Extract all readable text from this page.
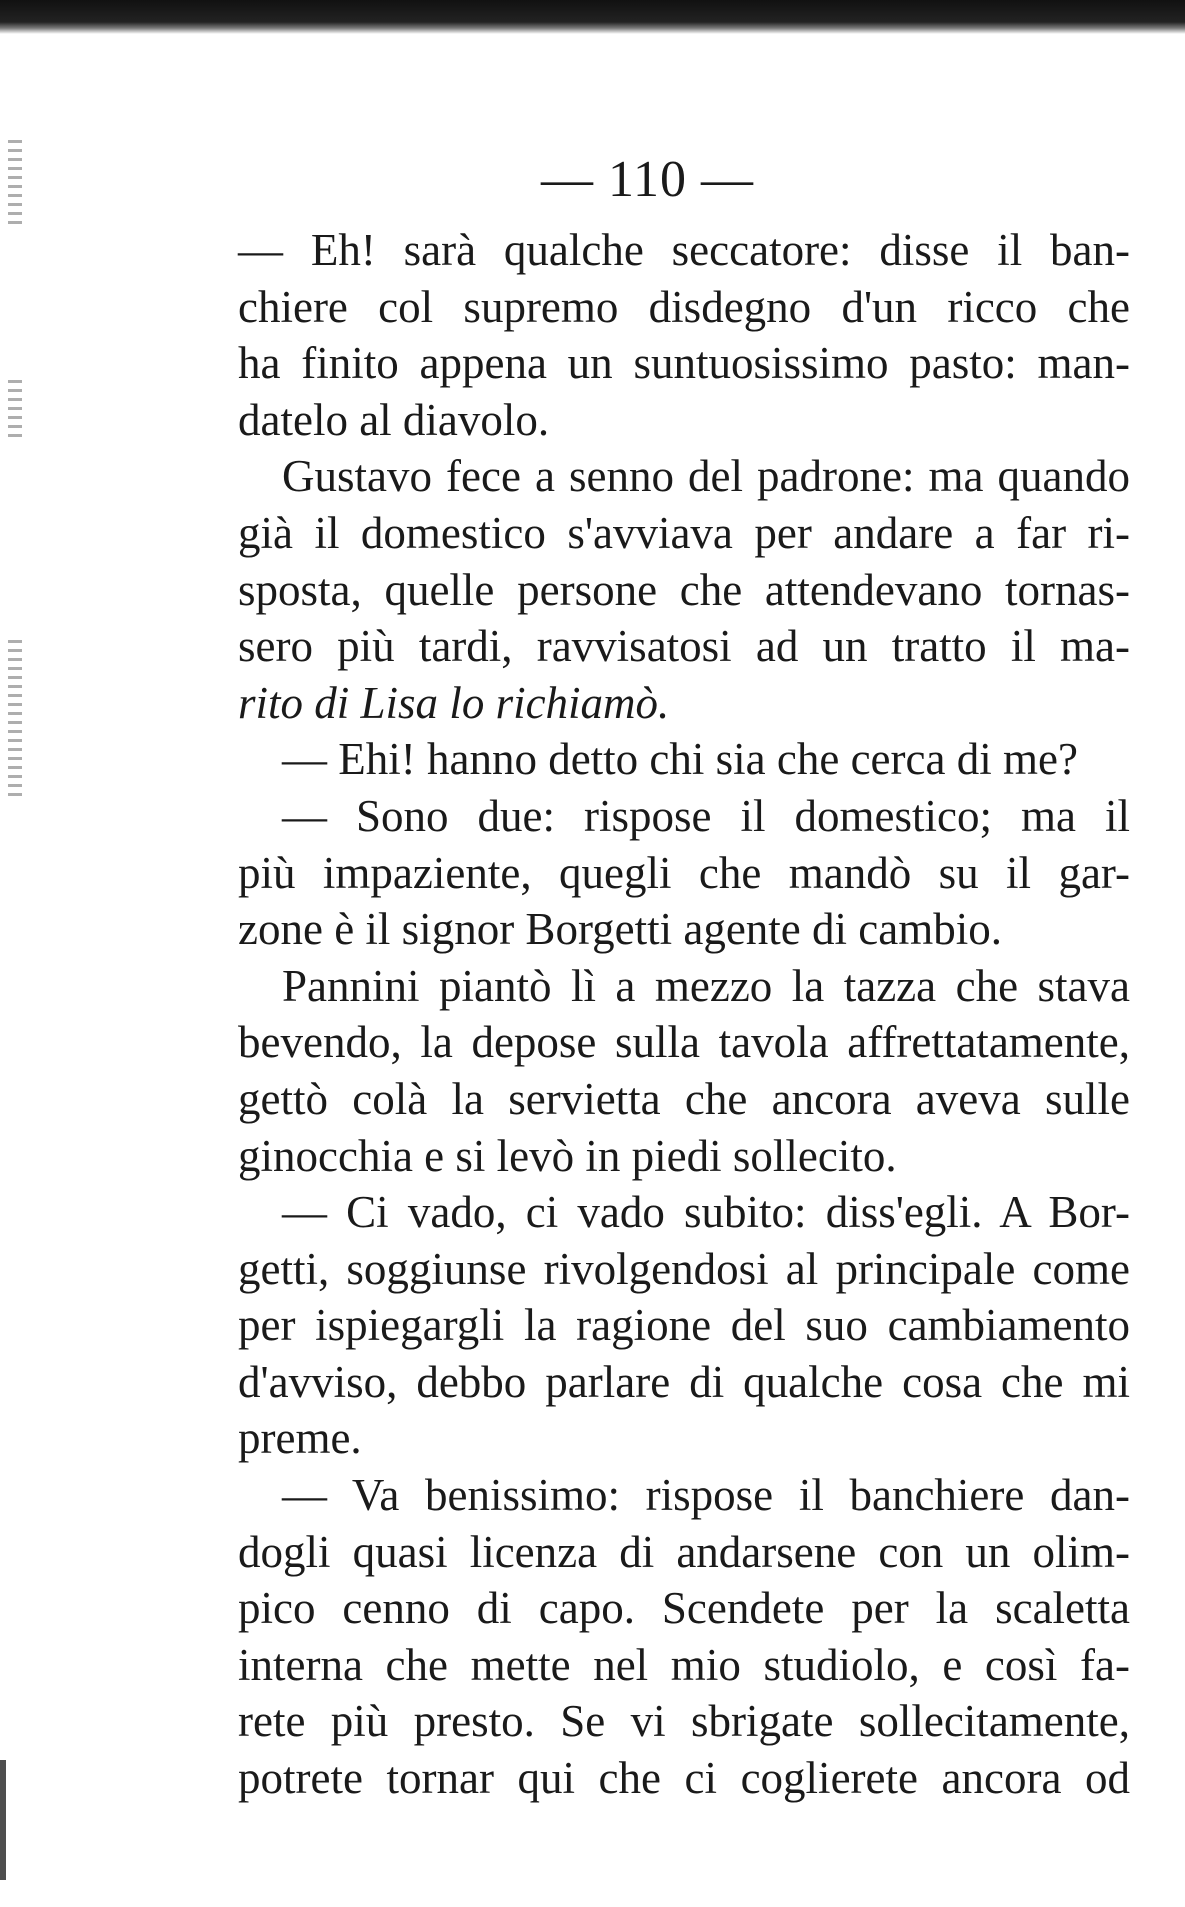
— 110 —
— Eh! sarà qualche seccatore: disse il ban-
chiere col supremo disdegno d'un ricco che
ha finito appena un suntuosissimo pasto: man-
datelo al diavolo.
Gustavo fece a senno del padrone: ma quando
già il domestico s'avviava per andare a far ri-
sposta, quelle persone che attendevano tornas-
sero più tardi, ravvisatosi ad un tratto il ma-
rito di Lisa lo richiamò.
— Ehi! hanno detto chi sia che cerca di me?
— Sono due: rispose il domestico; ma il
più impaziente, quegli che mandò su il gar-
zone è il signor Borgetti agente di cambio.
Pannini piantò lì a mezzo la tazza che stava
bevendo, la depose sulla tavola affrettatamente,
gettò colà la servietta che ancora aveva sulle
ginocchia e si levò in piedi sollecito.
— Ci vado, ci vado subito: diss'egli. A Bor-
getti, soggiunse rivolgendosi al principale come
per ispiegargli la ragione del suo cambiamento
d'avviso, debbo parlare di qualche cosa che mi
preme.
— Va benissimo: rispose il banchiere dan-
dogli quasi licenza di andarsene con un olim-
pico cenno di capo. Scendete per la scaletta
interna che mette nel mio studiolo, e così fa-
rete più presto. Se vi sbrigate sollecitamente,
potrete tornar qui che ci coglierete ancora od
